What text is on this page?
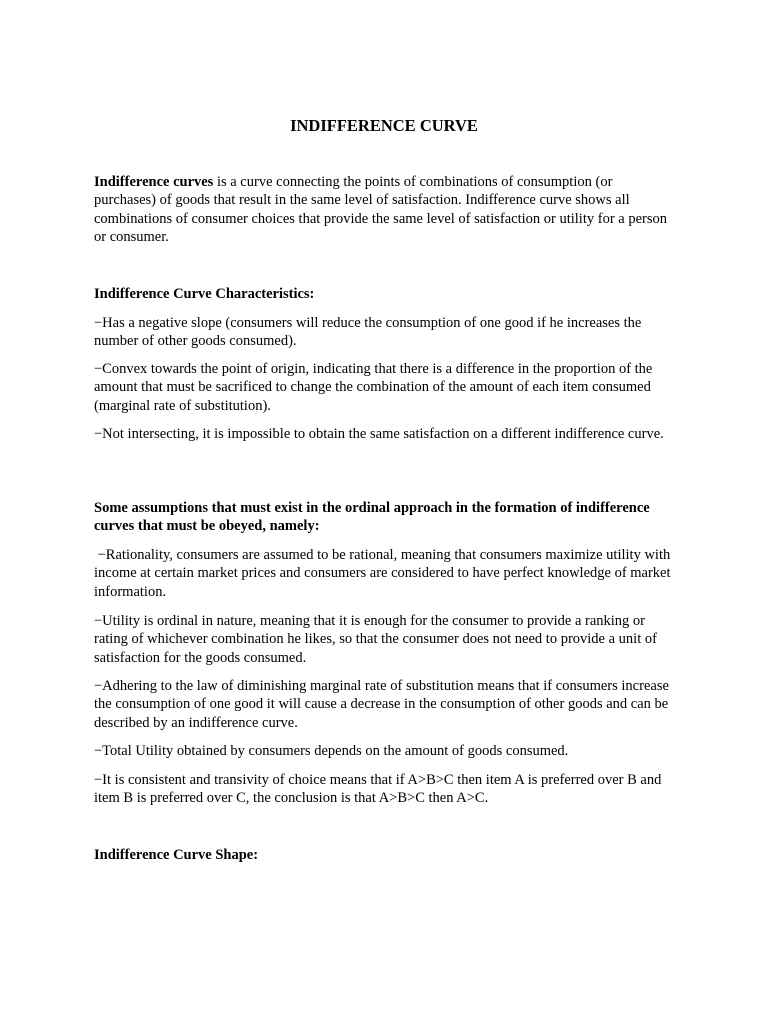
INDIFFERENCE CURVE

Indifference curves is a curve connecting the points of combinations of consumption (or purchases) of goods that result in the same level of satisfaction. Indifference curve shows all combinations of consumer choices that provide the same level of satisfaction or utility for a person or consumer.

Indifference Curve Characteristics:

−Has a negative slope (consumers will reduce the consumption of one good if he increases the number of other goods consumed).

−Convex towards the point of origin, indicating that there is a difference in the proportion of the amount that must be sacrificed to change the combination of the amount of each item consumed (marginal rate of substitution).

−Not intersecting, it is impossible to obtain the same satisfaction on a different indifference curve.

Some assumptions that must exist in the ordinal approach in the formation of indifference curves that must be obeyed, namely:

−Rationality, consumers are assumed to be rational, meaning that consumers maximize utility with income at certain market prices and consumers are considered to have perfect knowledge of market information.

−Utility is ordinal in nature, meaning that it is enough for the consumer to provide a ranking or rating of whichever combination he likes, so that the consumer does not need to provide a unit of satisfaction for the goods consumed.

−Adhering to the law of diminishing marginal rate of substitution means that if consumers increase the consumption of one good it will cause a decrease in the consumption of other goods and can be described by an indifference curve.

−Total Utility obtained by consumers depends on the amount of goods consumed.

−It is consistent and transivity of choice means that if A>B>C then item A is preferred over B and item B is preferred over C, the conclusion is that A>B>C then A>C.

Indifference Curve Shape:
